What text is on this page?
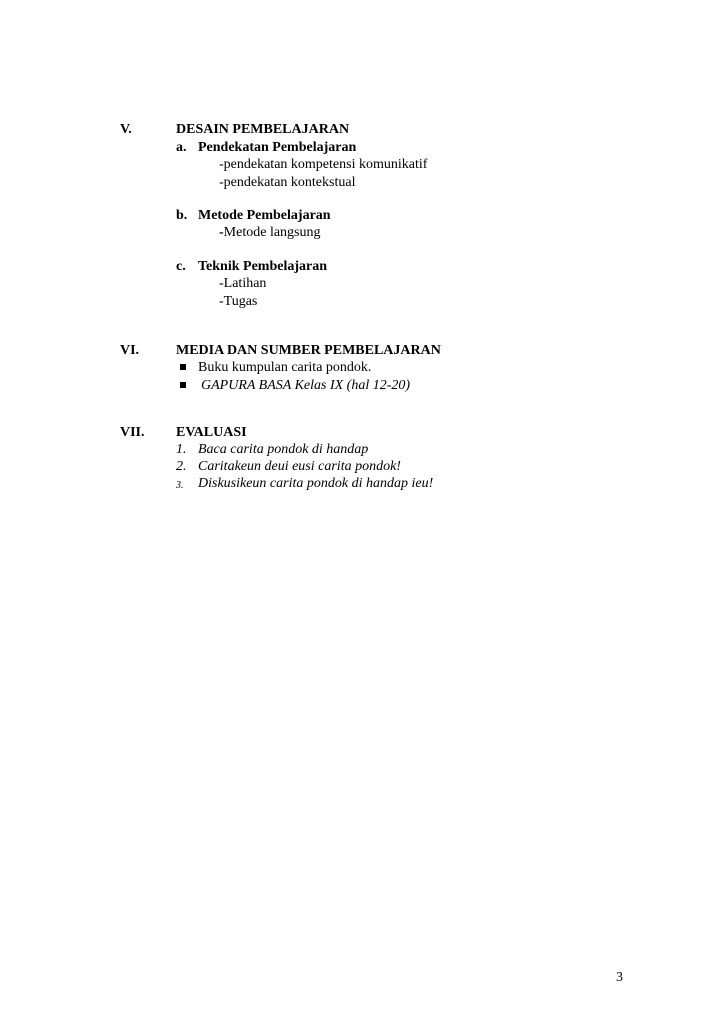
V.	DESAIN PEMBELAJARAN
a. Pendekatan Pembelajaran
-pendekatan kompetensi komunikatif
-pendekatan kontekstual
b. Metode Pembelajaran
-Metode langsung
c. Teknik Pembelajaran
-Latihan
-Tugas
VI.	MEDIA DAN SUMBER PEMBELAJARAN
Buku kumpulan carita pondok.
GAPURA BASA Kelas IX (hal 12-20)
VII. EVALUASI
1. Baca carita pondok di handap
2. Caritakeun deui eusi carita pondok!
3. Diskusikeun carita pondok di handap ieu!
3
